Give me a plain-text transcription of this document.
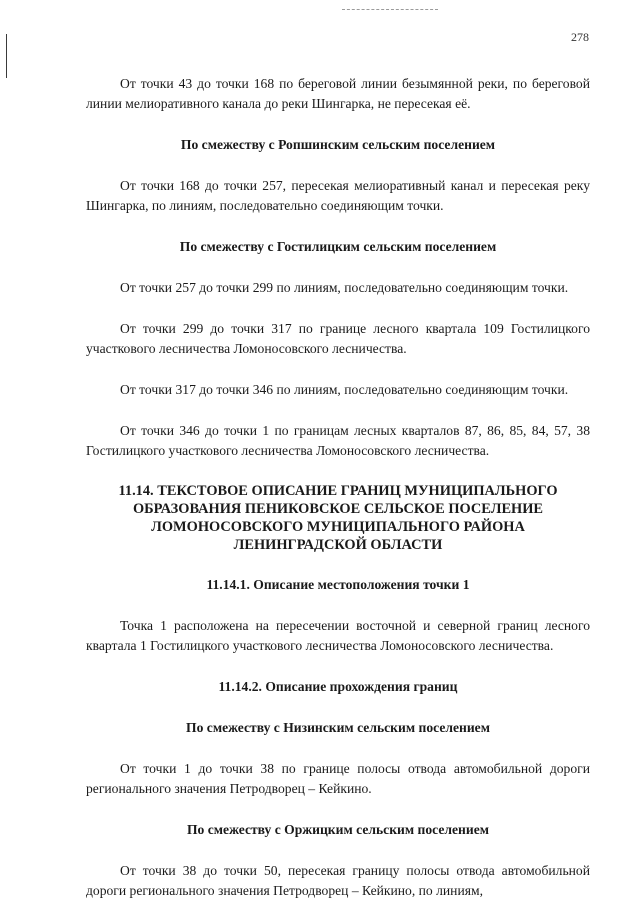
278

От точки 43 до точки 168 по береговой линии безымянной реки, по береговой линии мелиоративного канала до реки Шингарка, не пересекая её.

По смежеству с Ропшинским сельским поселением

От точки 168 до точки 257, пересекая мелиоративный канал и пересекая реку Шингарка, по линиям, последовательно соединяющим точки.

По смежеству с Гостилицким сельским поселением

От точки 257 до точки 299 по линиям, последовательно соединяющим точки.

От точки 299 до точки 317 по границе лесного квартала 109 Гостилицкого участкового лесничества Ломоносовского лесничества.

От точки 317 до точки 346 по линиям, последовательно соединяющим точки.

От точки 346 до точки 1 по границам лесных кварталов 87, 86, 85, 84, 57, 38 Гостилицкого участкового лесничества Ломоносовского лесничества.

11.14. ТЕКСТОВОЕ ОПИСАНИЕ ГРАНИЦ МУНИЦИПАЛЬНОГО ОБРАЗОВАНИЯ ПЕНИКОВСКОЕ СЕЛЬСКОЕ ПОСЕЛЕНИЕ ЛОМОНОСОВСКОГО МУНИЦИПАЛЬНОГО РАЙОНА ЛЕНИНГРАДСКОЙ ОБЛАСТИ
11.14.1. Описание местоположения точки 1

Точка 1 расположена на пересечении восточной и северной границ лесного квартала 1 Гостилицкого участкового лесничества Ломоносовского лесничества.

11.14.2. Описание прохождения границ
По смежеству с Низинским сельским поселением

От точки 1 до точки 38 по границе полосы отвода автомобильной дороги регионального значения Петродворец – Кейкино.

По смежеству с Оржицким сельским поселением

От точки 38 до точки 50, пересекая границу полосы отвода автомобильной дороги регионального значения Петродворец – Кейкино, по линиям,
